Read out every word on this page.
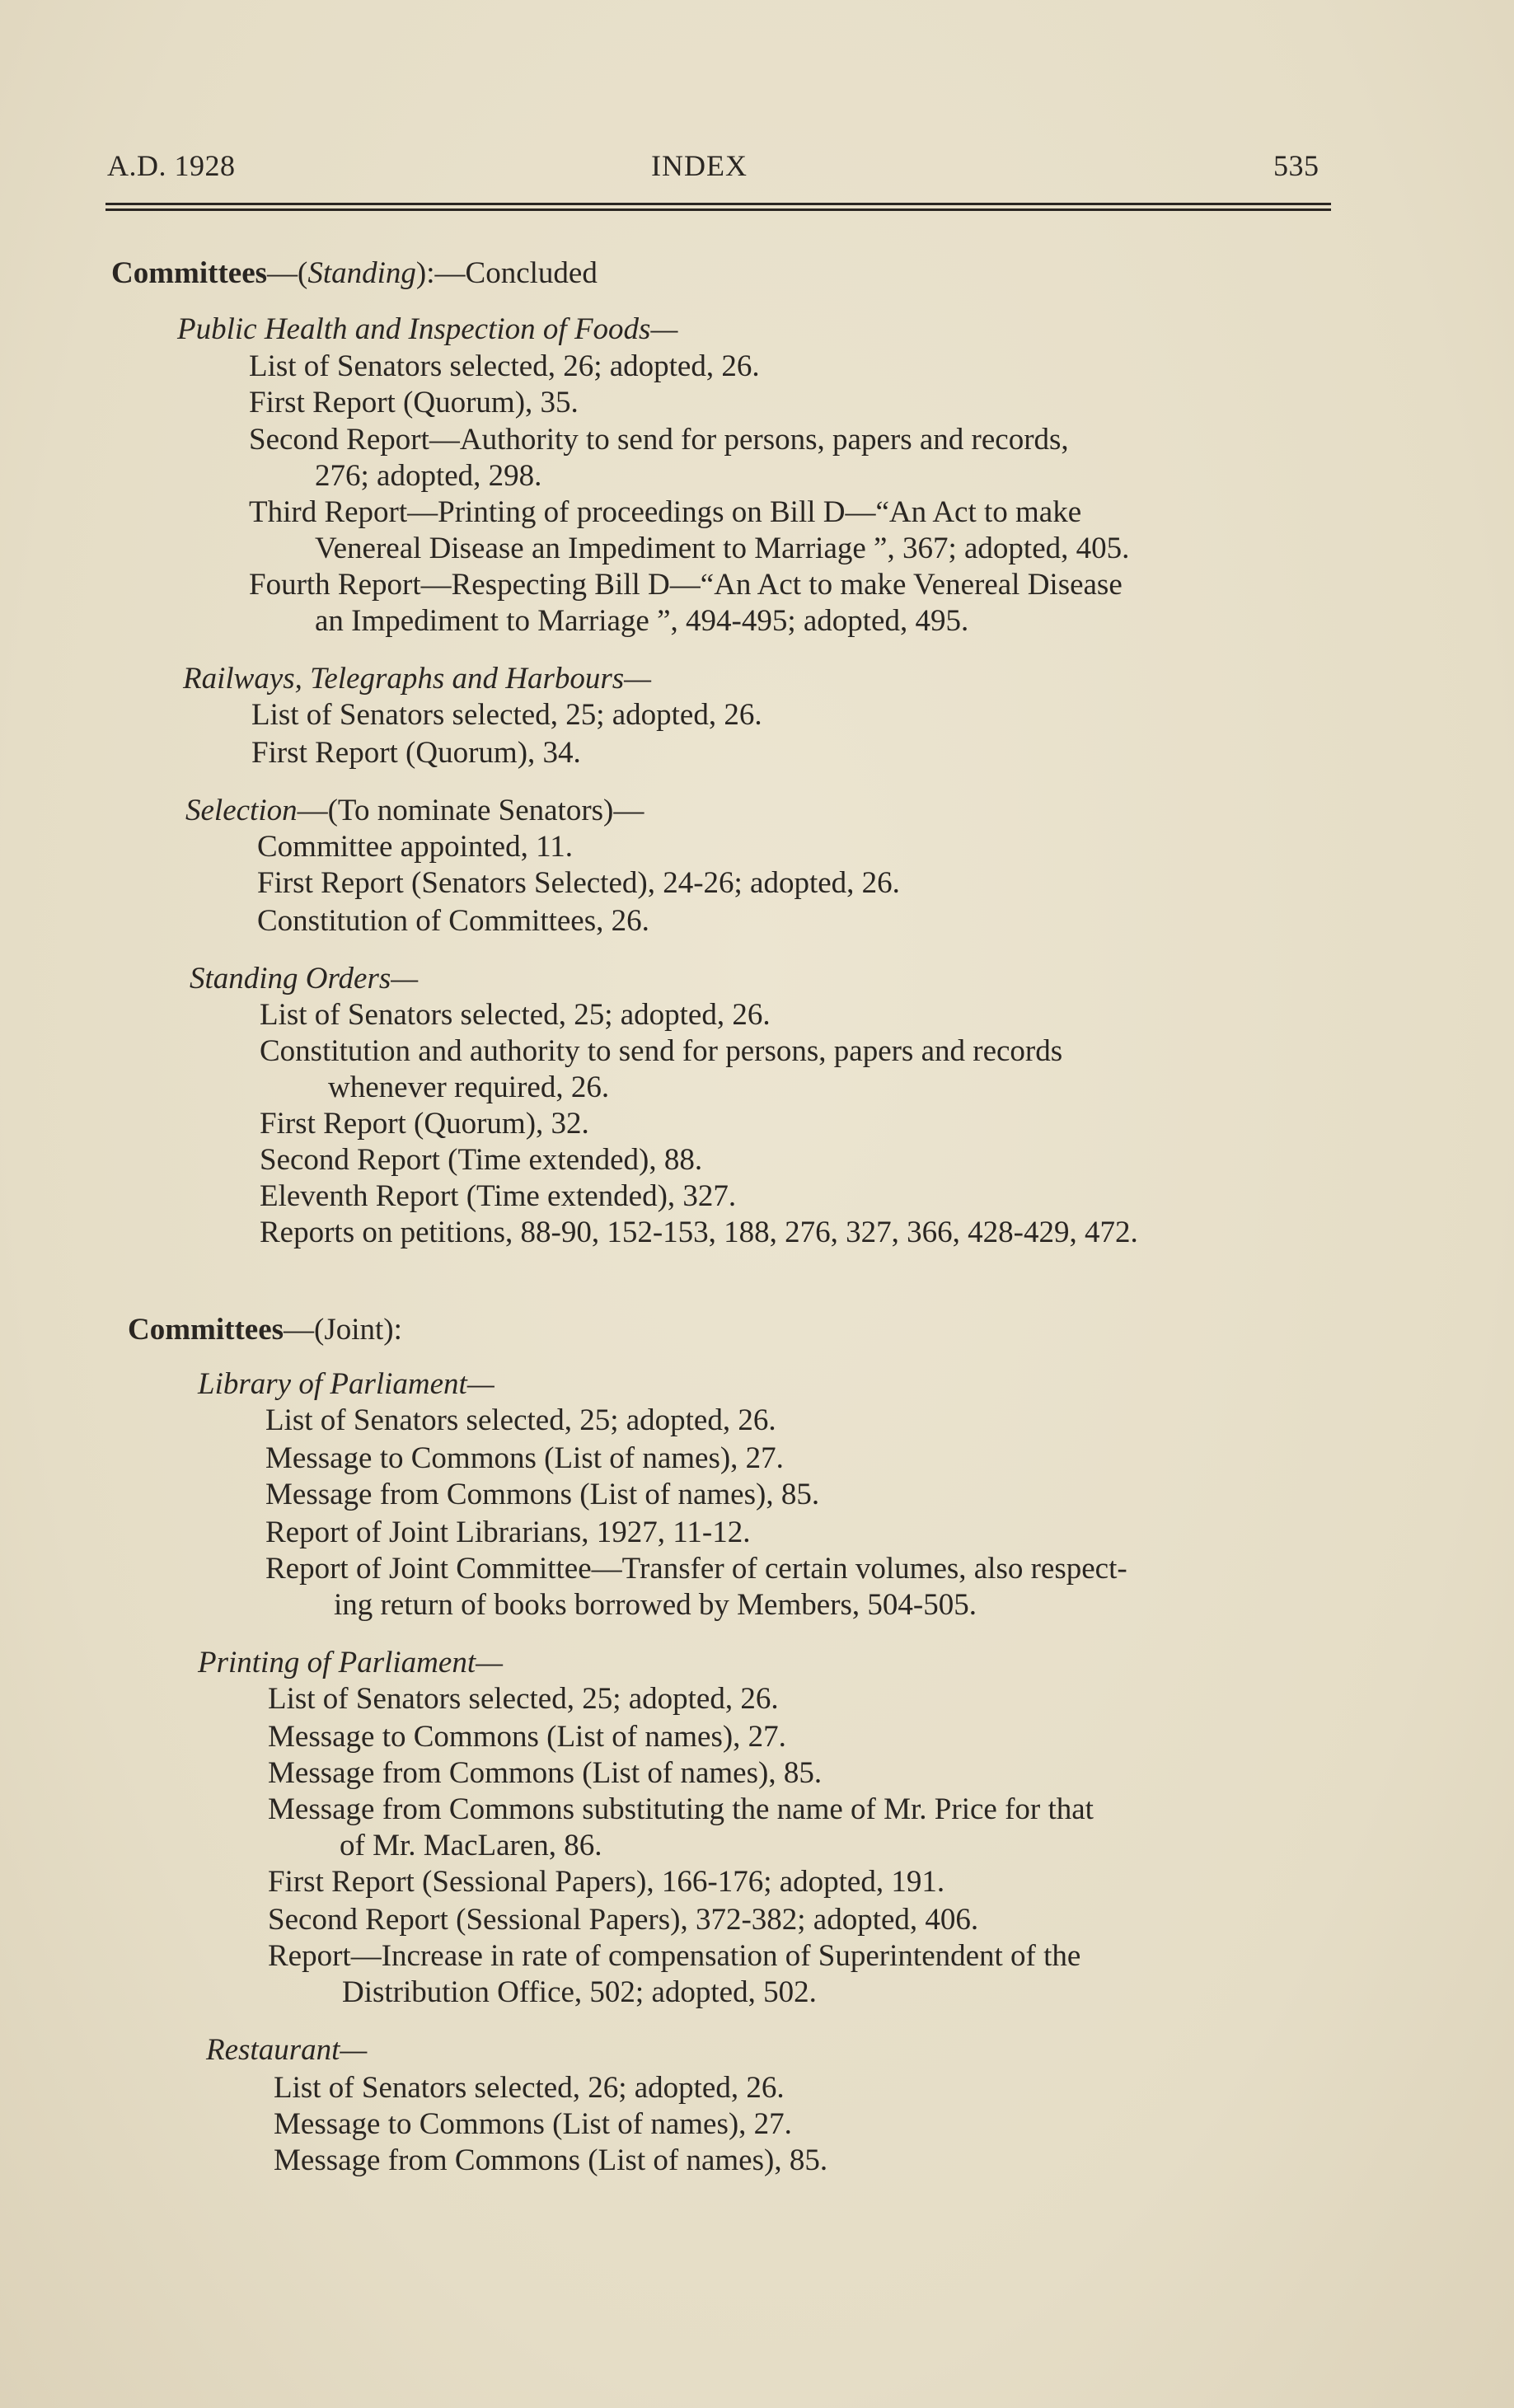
A.D. 1928	INDEX	535
Committees—(Standing):—Concluded
Public Health and Inspection of Foods—
List of Senators selected, 26; adopted, 26.
First Report (Quorum), 35.
Second Report—Authority to send for persons, papers and records,
276; adopted, 298.
Third Report—Printing of proceedings on Bill D—“An Act to make
Venereal Disease an Impediment to Marriage ”, 367; adopted, 405.
Fourth Report—Respecting Bill D—“An Act to make Venereal Disease
an Impediment to Marriage ”, 494-495; adopted, 495.
Railways, Telegraphs and Harbours—
List of Senators selected, 25; adopted, 26.
First Report (Quorum), 34.
Selection—(To nominate Senators)—
Committee appointed, 11.
First Report (Senators Selected), 24-26; adopted, 26.
Constitution of Committees, 26.
Standing Orders—
List of Senators selected, 25; adopted, 26.
Constitution and authority to send for persons, papers and records
whenever required, 26.
First Report (Quorum), 32.
Second Report (Time extended), 88.
Eleventh Report (Time extended), 327.
Reports on petitions, 88-90, 152-153, 188, 276, 327, 366, 428-429, 472.
Committees—(Joint):
Library of Parliament—
List of Senators selected, 25; adopted, 26.
Message to Commons (List of names), 27.
Message from Commons (List of names), 85.
Report of Joint Librarians, 1927, 11-12.
Report of Joint Committee—Transfer of certain volumes, also respect-
ing return of books borrowed by Members, 504-505.
Printing of Parliament—
List of Senators selected, 25; adopted, 26.
Message to Commons (List of names), 27.
Message from Commons (List of names), 85.
Message from Commons substituting the name of Mr. Price for that
of Mr. MacLaren, 86.
First Report (Sessional Papers), 166-176; adopted, 191.
Second Report (Sessional Papers), 372-382; adopted, 406.
Report—Increase in rate of compensation of Superintendent of the
Distribution Office, 502; adopted, 502.
Restaurant—
List of Senators selected, 26; adopted, 26.
Message to Commons (List of names), 27.
Message from Commons (List of names), 85.
